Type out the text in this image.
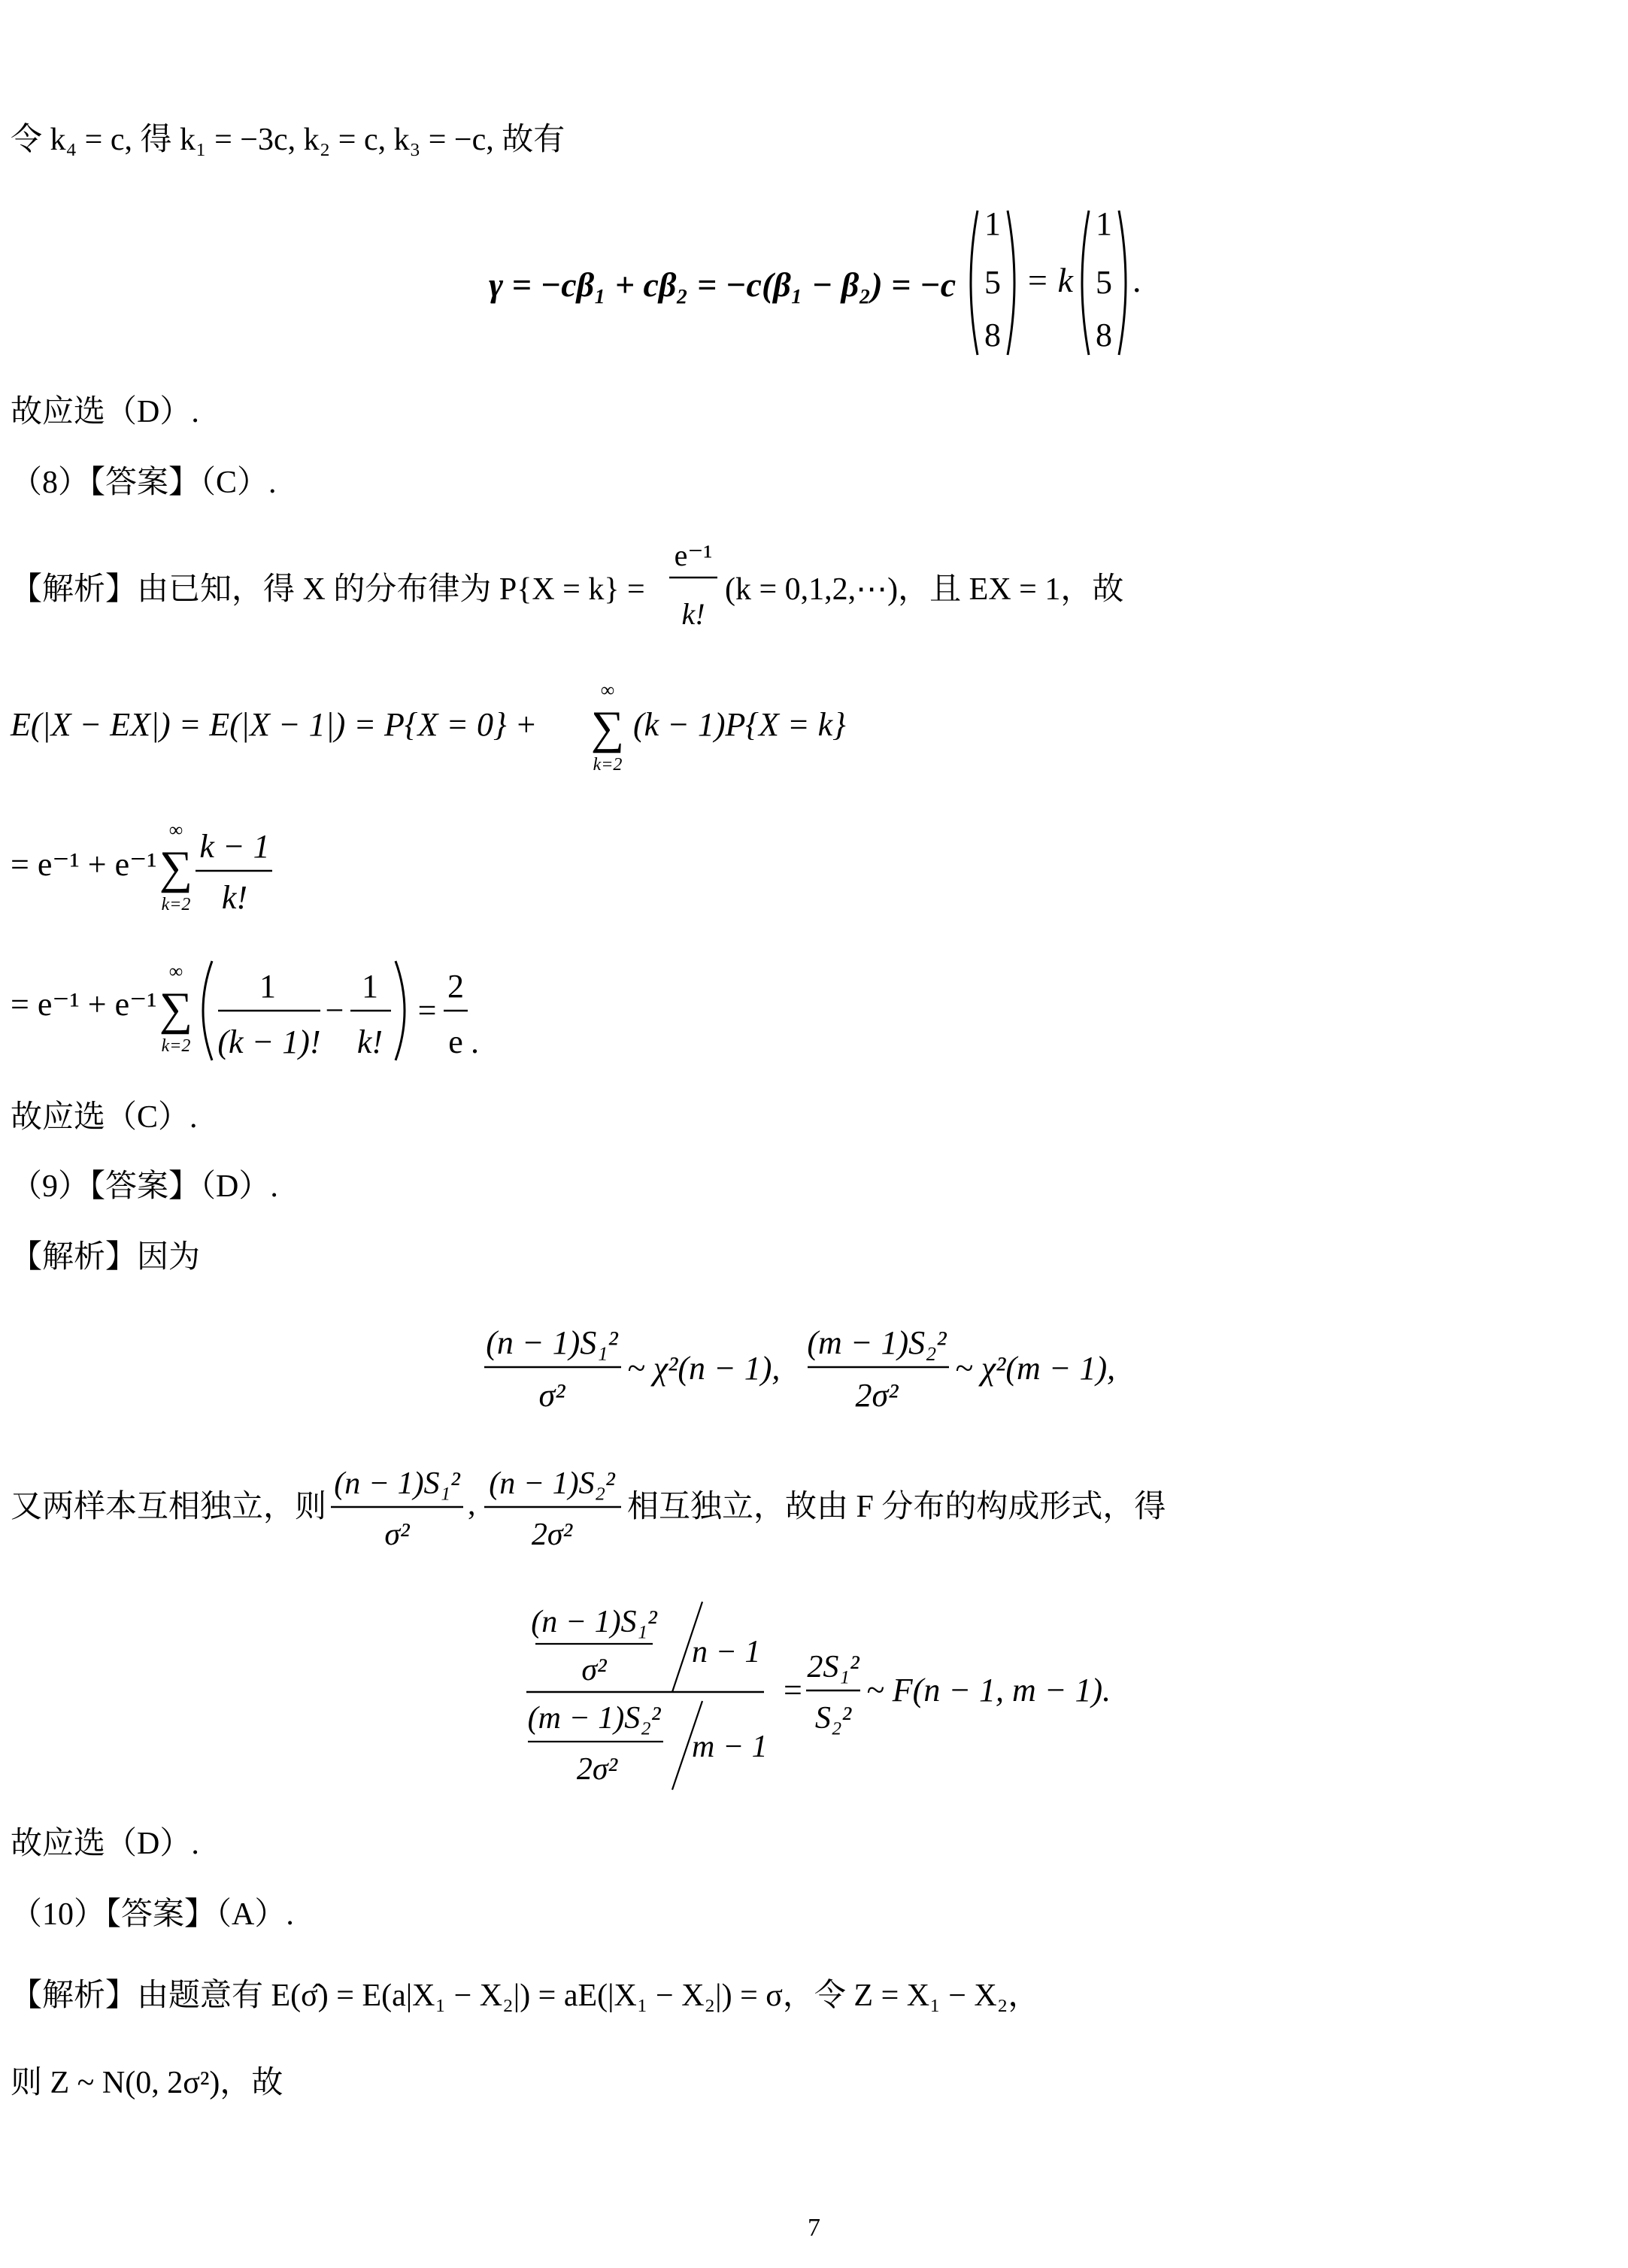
令 k₄ = c, 得 k₁ = −3c, k₂ = c, k₃ = −c, 故有
γ = −cβ₁ + cβ₂ = −c(β₁ − β₂) = −c
1
5
8
= k
1
5
8
.
e⁻¹
k!
∞
∑
k=2
∞
∑
k=2
k − 1
k!
∞
∑
k=2
1
(k − 1)!
−
1
k!
=
2
e .
(n − 1)S₁²
σ²
~ χ²(n − 1),
(m − 1)S₂²
2σ²
~ χ²(m − 1),
(n − 1)S₁²
σ²
,
(n − 1)S₂²
2σ²
(n − 1)S₁²
σ²
n − 1
(m − 1)S₂²
2σ²
m − 1
=
2S₁²
S₂²
~ F(n − 1, m − 1).
故应选（D）.
（8）【答案】（C）.
【解析】由已知，得 X 的分布律为 P{X = k} =	(k = 0,1,2,⋯)，且 EX = 1，故
E(|X − EX|) = E(|X − 1|) = P{X = 0} +	(k − 1)P{X = k}
= e⁻¹ + e⁻¹
= e⁻¹ + e⁻¹
故应选（C）.
（9）【答案】（D）.
【解析】因为
又两样本互相独立，则	相互独立，故由 F 分布的构成形式，得
故应选（D）.
（10）【答案】（A）.
【解析】由题意有 E(σ̂) = E(a|X₁ − X₂|) = aE(|X₁ − X₂|) = σ，令 Z = X₁ − X₂，
则 Z ~ N(0, 2σ²)，故
7
